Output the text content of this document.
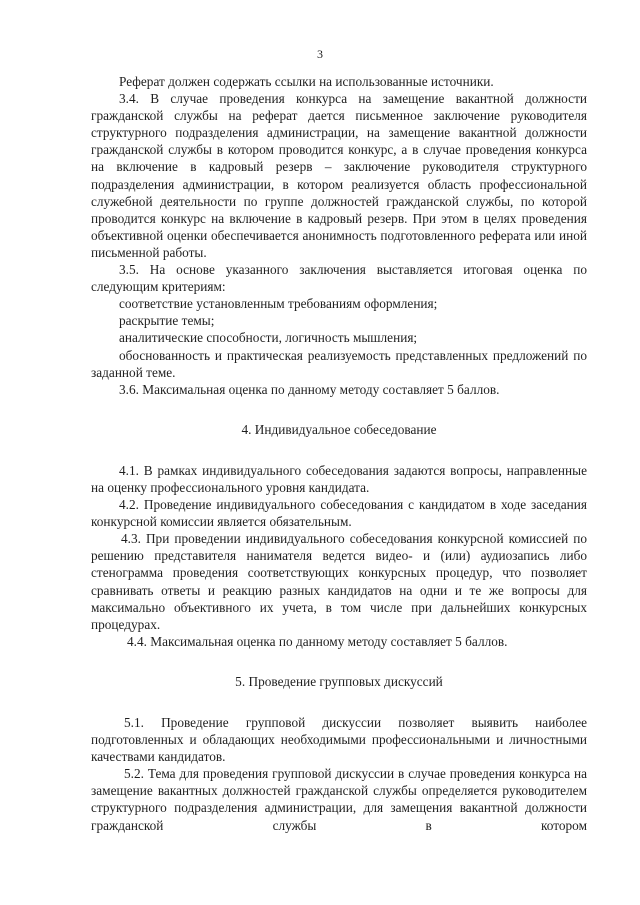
3

Реферат должен содержать ссылки на использованные источники.

3.4. В случае проведения конкурса на замещение вакантной должности гражданской службы на реферат дается письменное заключение руководителя структурного подразделения администрации, на замещение вакантной должности гражданской службы в котором проводится конкурс, а в случае проведения конкурса на включение в кадровый резерв – заключение руководителя структурного подразделения администрации, в котором реализуется область профессиональной служебной деятельности по группе должностей гражданской службы, по которой проводится конкурс на включение в кадровый резерв. При этом в целях проведения объективной оценки обеспечивается анонимность подготовленного реферата или иной письменной работы.

3.5. На основе указанного заключения выставляется итоговая оценка по следующим критериям:

соответствие установленным требованиям оформления;

раскрытие темы;

аналитические способности, логичность мышления;

обоснованность и практическая реализуемость представленных предложений по заданной теме.

3.6. Максимальная оценка по данному методу составляет 5 баллов.

4. Индивидуальное собеседование

4.1. В рамках индивидуального собеседования задаются вопросы, направленные на оценку профессионального уровня кандидата.

4.2. Проведение индивидуального собеседования с кандидатом в ходе заседания конкурсной комиссии является обязательным.

4.3. При проведении индивидуального собеседования конкурсной комиссией по решению представителя нанимателя ведется видео- и (или) аудиозапись либо стенограмма проведения соответствующих конкурсных процедур, что позволяет сравнивать ответы и реакцию разных кандидатов на одни и те же вопросы для максимально объективного их учета, в том числе при дальнейших конкурсных процедурах.

4.4. Максимальная оценка по данному методу составляет 5 баллов.

5. Проведение групповых дискуссий

5.1. Проведение групповой дискуссии позволяет выявить наиболее подготовленных и обладающих необходимыми профессиональными и личностными качествами кандидатов.

5.2. Тема для проведения групповой дискуссии в случае проведения конкурса на замещение вакантных должностей гражданской службы определяется руководителем структурного подразделения администрации, для замещения вакантной должности гражданской службы в котором
